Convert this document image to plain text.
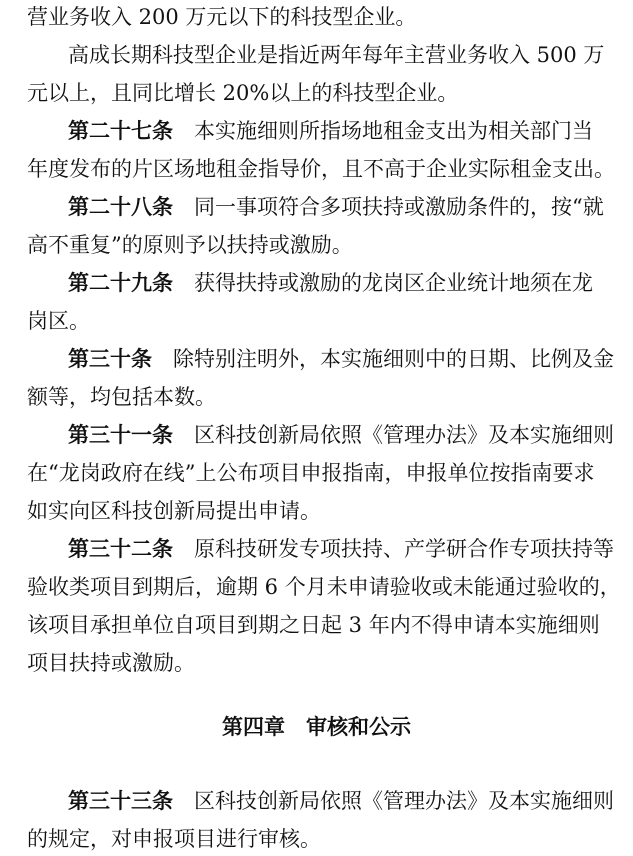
营业务收入 200 万元以下的科技型企业。
高成长期科技型企业是指近两年每年主营业务收入 500 万
元以上，且同比增长 20%以上的科技型企业。
第二十七条　 本实施细则所指场地租金支出为相关部门当
年度发布的片区场地租金指导价，且不高于企业实际租金支出。
第二十八条　 同一事项符合多项扶持或激励条件的，按“就
高不重复”的原则予以扶持或激励。
第二十九条　 获得扶持或激励的龙岗区企业统计地须在龙
岗区。
第三十条　 除特别注明外，本实施细则中的日期、比例及金
额等，均包括本数。
第三十一条　 区科技创新局依照《管理办法》及本实施细则
在“龙岗政府在线”上公布项目申报指南，申报单位按指南要求
如实向区科技创新局提出申请。
第三十二条　 原科技研发专项扶持、产学研合作专项扶持等
验收类项目到期后，逾期 6 个月未申请验收或未能通过验收的，
该项目承担单位自项目到期之日起 3 年内不得申请本实施细则
项目扶持或激励。
第四章　审核和公示
第三十三条　 区科技创新局依照《管理办法》及本实施细则
的规定，对申报项目进行审核。
